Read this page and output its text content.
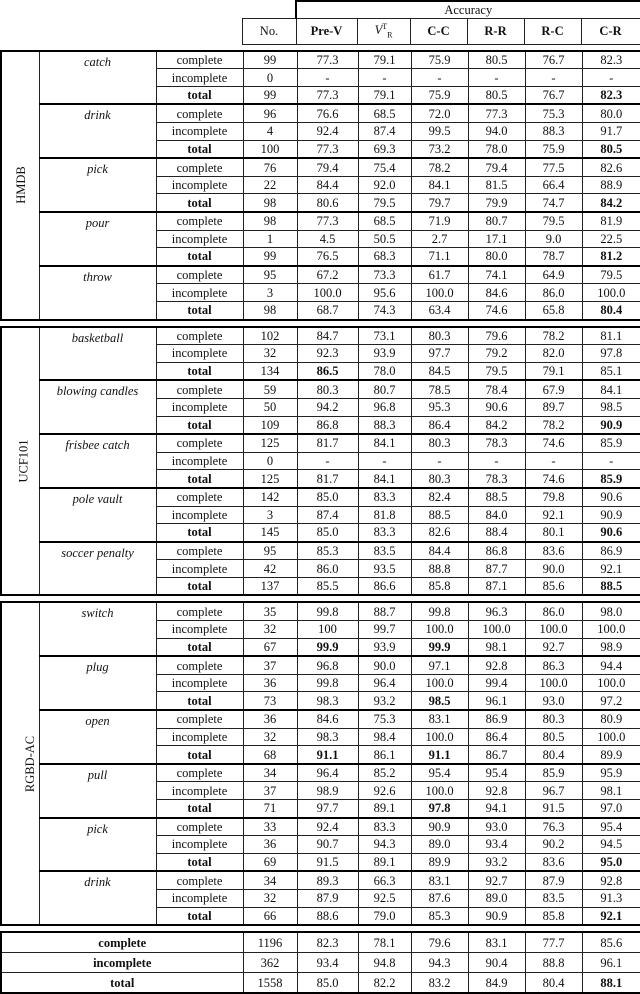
		Accuracy					
	No.	Pre-V	$V^T_R$	C-C	R-R	R-C	C-R
HMDB	catch	complete	99	77.3	79.1	75.9	80.5	76.7	82.3
		incomplete	0	-	-	-	-	-	-
		total	99	77.3	79.1	75.9	80.5	76.7	82.3
	drink	complete	96	76.6	68.5	72.0	77.3	75.3	80.0
		incomplete	4	92.4	87.4	99.5	94.0	88.3	91.7
		total	100	77.3	69.3	73.2	78.0	75.9	80.5
	pick	complete	76	79.4	75.4	78.2	79.4	77.5	82.6
		incomplete	22	84.4	92.0	84.1	81.5	66.4	88.9
		total	98	80.6	79.5	79.7	79.9	74.7	84.2
	pour	complete	98	77.3	68.5	71.9	80.7	79.5	81.9
		incomplete	1	4.5	50.5	2.7	17.1	9.0	22.5
		total	99	76.5	68.3	71.1	80.0	78.7	81.2
	throw	complete	95	67.2	73.3	61.7	74.1	64.9	79.5
		incomplete	3	100.0	95.6	100.0	84.6	86.0	100.0
		total	98	68.7	74.3	63.4	74.6	65.8	80.4
UCF101	basketball	complete	102	84.7	73.1	80.3	79.6	78.2	81.1
		incomplete	32	92.3	93.9	97.7	79.2	82.0	97.8
		total	134	86.5	78.0	84.5	79.5	79.1	85.1
	blowing candles	complete	59	80.3	80.7	78.5	78.4	67.9	84.1
		incomplete	50	94.2	96.8	95.3	90.6	89.7	98.5
		total	109	86.8	88.3	86.4	84.2	78.2	90.9
	frisbee catch	complete	125	81.7	84.1	80.3	78.3	74.6	85.9
		incomplete	0	-	-	-	-	-	-
		total	125	81.7	84.1	80.3	78.3	74.6	85.9
	pole vault	complete	142	85.0	83.3	82.4	88.5	79.8	90.6
		incomplete	3	87.4	81.8	88.5	84.0	92.1	90.9
		total	145	85.0	83.3	82.6	88.4	80.1	90.6
	soccer penalty	complete	95	85.3	83.5	84.4	86.8	83.6	86.9
		incomplete	42	86.0	93.5	88.8	87.7	90.0	92.1
		total	137	85.5	86.6	85.8	87.1	85.6	88.5
RGBD-AC	switch	complete	35	99.8	88.7	99.8	96.3	86.0	98.0
		incomplete	32	100	99.7	100.0	100.0	100.0	100.0
		total	67	99.9	93.9	99.9	98.1	92.7	98.9
	plug	complete	37	96.8	90.0	97.1	92.8	86.3	94.4
		incomplete	36	99.8	96.4	100.0	99.4	100.0	100.0
		total	73	98.3	93.2	98.5	96.1	93.0	97.2
	open	complete	36	84.6	75.3	83.1	86.9	80.3	80.9
		incomplete	32	98.3	98.4	100.0	86.4	80.5	100.0
		total	68	91.1	86.1	91.1	86.7	80.4	89.9
	pull	complete	34	96.4	85.2	95.4	95.4	85.9	95.9
		incomplete	37	98.9	92.6	100.0	92.8	96.7	98.1
		total	71	97.7	89.1	97.8	94.1	91.5	97.0
	pick	complete	33	92.4	83.3	90.9	93.0	76.3	95.4
		incomplete	36	90.7	94.3	89.0	93.4	90.2	94.5
		total	69	91.5	89.1	89.9	93.2	83.6	95.0
	drink	complete	34	89.3	66.3	83.1	92.7	87.9	92.8
		incomplete	32	87.9	92.5	87.6	89.0	83.5	91.3
		total	66	88.6	79.0	85.3	90.9	85.8	92.1
complete	1196	82.3	78.1	79.6	83.1	77.7	85.6
incomplete	362	93.4	94.8	94.3	90.4	88.8	96.1
total	1558	85.0	82.2	83.2	84.9	80.4	88.1
